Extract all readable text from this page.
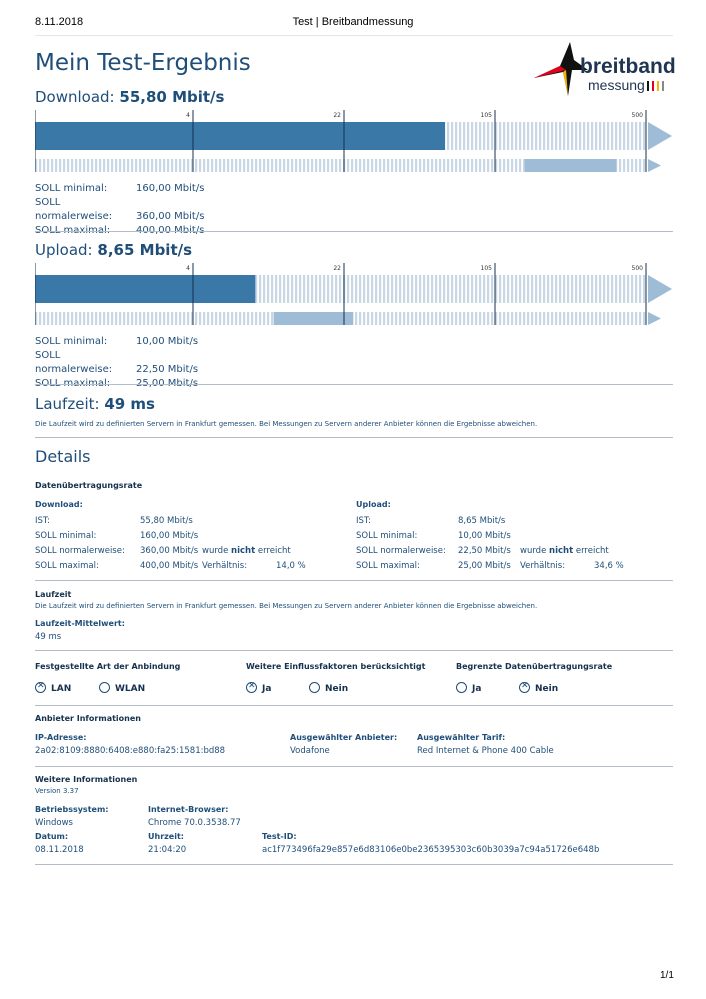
8.11.2018	Test | Breitbandmessung
Mein Test-Ergebnis	breitband
messung
Download: 55,80 Mbit/s
4	22	105	500
SOLL minimal:	160,00 Mbit/s
SOLL normalerweise: 360,00 Mbit/s
Upload: 8,65 Mbit/s
4	22	105	500
SOLL minimal:	10,00 Mbit/s
SOLL normalerweise: 22,50 Mbit/s
Laufzeit: 49 ms
Die Laufzeit wird zu definierten Servern in Frankfurt gemessen. Bei Messungen zu Servern anderer Anbieter können die Ergebnisse abweichen.
Details
Datenübertragungsrate
Download:
IST:	55,80 Mbit/s
SOLL minimal:	160,00 Mbit/s
SOLL normalerweise: 360,00 Mbit/s wurde nicht erreicht
SOLL maximal:	400,00 Mbit/s Verhältnis:	14,0 %
Upload:
IST:	8,65 Mbit/s
SOLL minimal:	10,00 Mbit/s
SOLL normalerweise: 22,50 Mbit/s wurde nicht erreicht
SOLL maximal:	25,00 Mbit/s Verhältnis:	34,6 %
Laufzeit
Die Laufzeit wird zu definierten Servern in Frankfurt gemessen. Bei Messungen zu Servern anderer Anbieter können die Ergebnisse abweichen.
Laufzeit-Mittelwert:
49 ms
Festgestellte Art der Anbindung
✕
LAN	WLAN
Weitere Einflussfaktoren berücksichtigt
✕
Ja	Nein
Begrenzte Datenübertragungsrate
Ja
✕	Nein
Anbieter Informationen
IP-Adresse:
2a02:8109:8880:6408:e880:fa25:1581:bd88
Ausgewählter Anbieter:
Vodafone
Ausgewählter Tarif:
Red Internet & Phone 400 Cable
Weitere Informationen
Version 3.37
Betriebssystem:
Windows
Internet-Browser:
Chrome 70.0.3538.77
Datum:
08.11.2018
Uhrzeit:
21:04:20
Test-ID:
ac1f773496fa29e857e6d83106e0be2365395303c60b3039a7c94a51726e648b
1/1
